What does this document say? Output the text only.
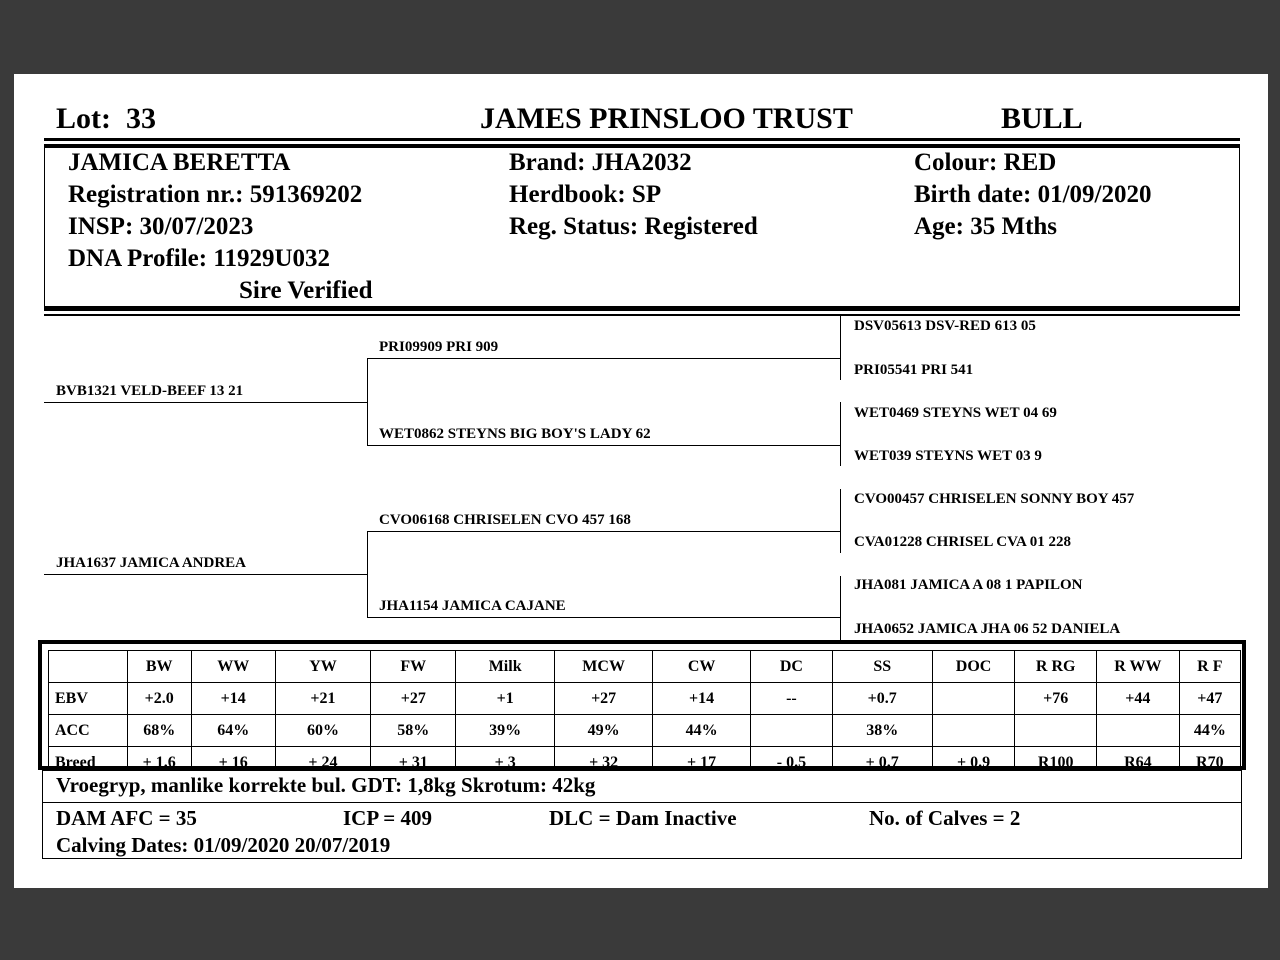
Lot: 33	JAMES PRINSLOO TRUST	BULL
JAMICA BERETTA
Registration nr.: 591369202
INSP: 30/07/2023
DNA Profile: 11929U032
Sire Verified
Brand: JHA2032
Herdbook: SP
Reg. Status: Registered
Colour: RED
Birth date: 01/09/2020
Age: 35 Mths
BVB1321 VELD-BEEF 13 21
JHA1637 JAMICA ANDREA
PRI09909 PRI 909
WET0862 STEYNS BIG BOY'S LADY 62
CVO06168 CHRISELEN CVO 457 168
JHA1154 JAMICA CAJANE
DSV05613 DSV-RED 613 05
PRI05541 PRI 541
WET0469 STEYNS WET 04 69
WET039 STEYNS WET 03 9
CVO00457 CHRISELEN SONNY BOY 457
CVA01228 CHRISEL CVA 01 228
JHA081 JAMICA A 08 1 PAPILON
JHA0652 JAMICA JHA 06 52 DANIELA
	BW	WW	YW	FW	Milk	MCW	CW	DC	SS	DOC	R RG	R WW	R F
EBV	+2.0	+14	+21	+27	+1	+27	+14	--	+0.7		+76	+44	+47
ACC	68%	64%	60%	58%	39%	49%	44%		38%				44%
Breed	+ 1.6	+ 16	+ 24	+ 31	+ 3	+ 32	+ 17	- 0.5	+ 0.7	+ 0.9	R100	R64	R70
Vroegryp, manlike korrekte bul. GDT: 1,8kg Skrotum: 42kg
DAM AFC = 35	ICP = 409	DLC = Dam Inactive	No. of Calves = 2
Calving Dates: 01/09/2020 20/07/2019
